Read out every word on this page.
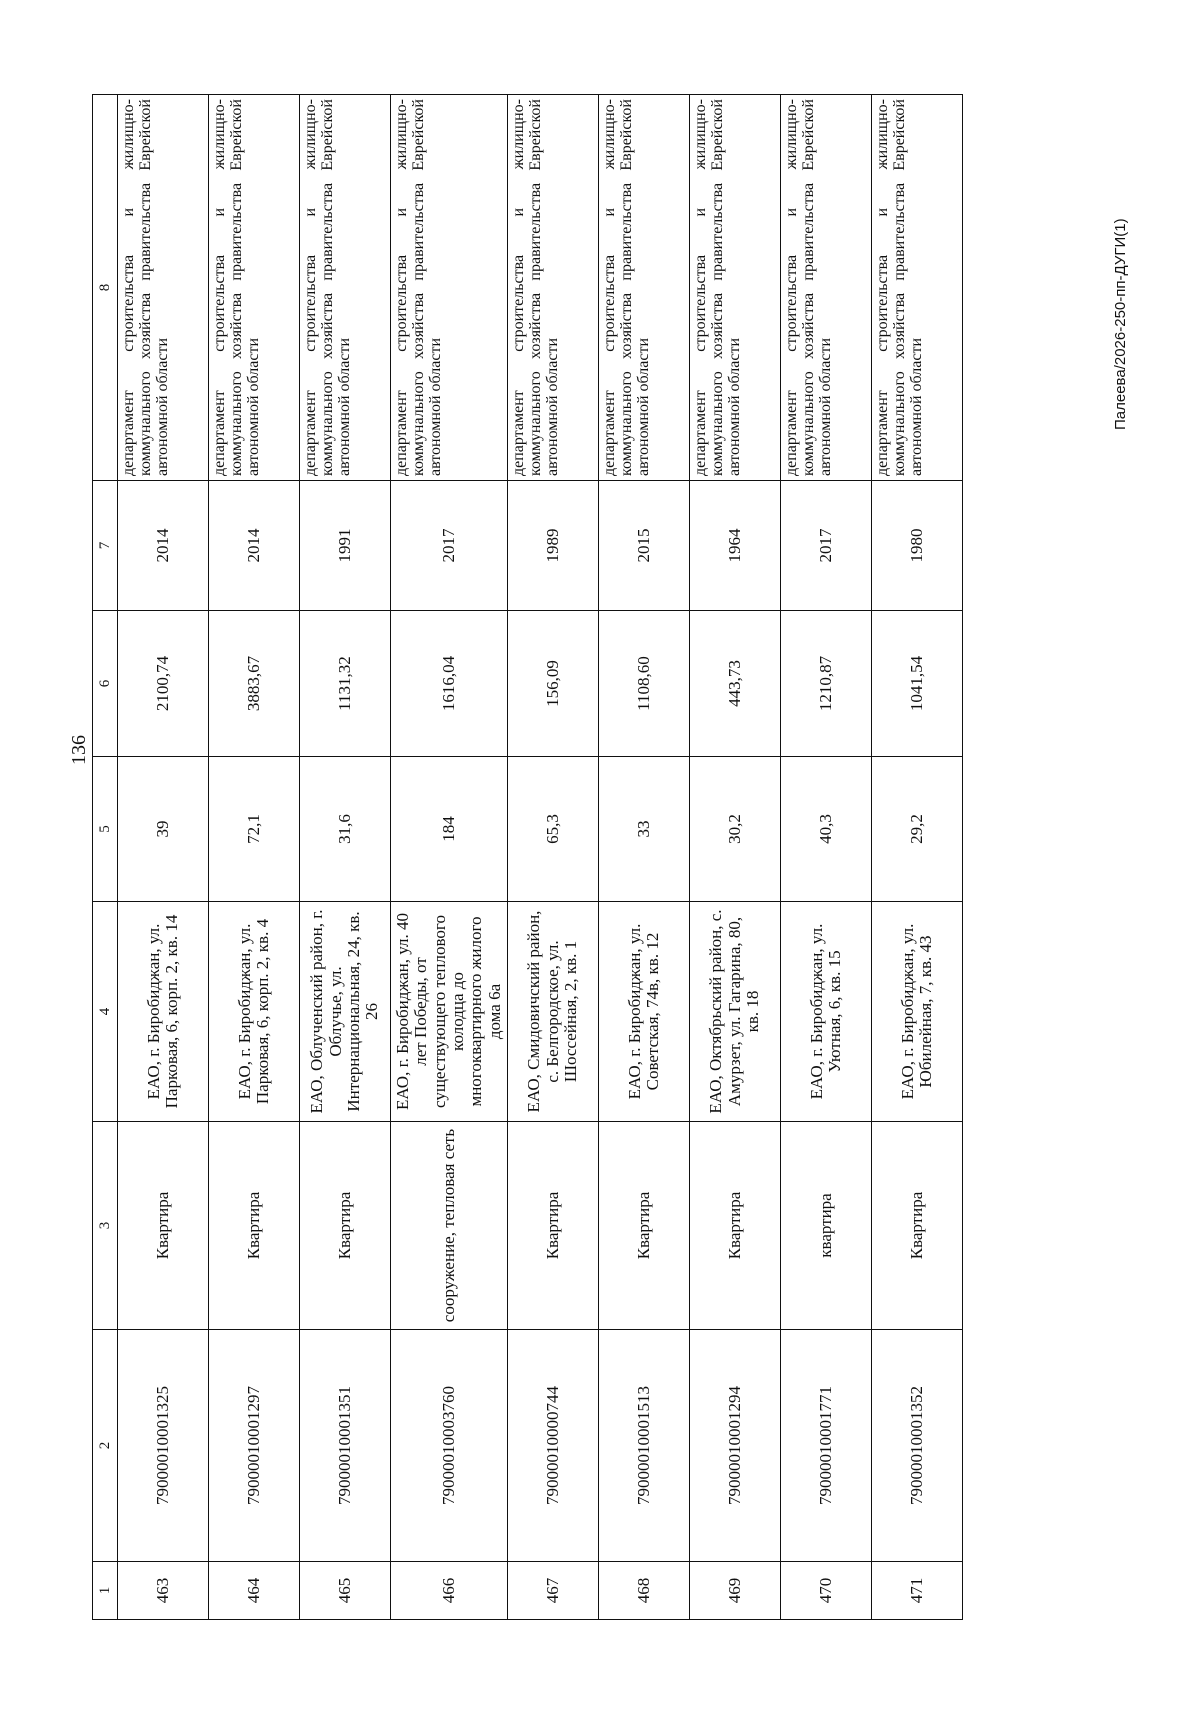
136
1	2	3	4	5	6	7	8
463	79000010001325	Квартира	ЕАО, г. Биробиджан, ул. Парковая, 6, корп. 2, кв. 14	39	2100,74	2014	департамент строительства и жилищно-коммунального хозяйства правительства Еврейской автономной области
464	79000010001297	Квартира	ЕАО, г. Биробиджан, ул. Парковая, 6, корп. 2, кв. 4	72,1	3883,67	2014	департамент строительства и жилищно-коммунального хозяйства правительства Еврейской автономной области
465	79000010001351	Квартира	ЕАО, Облученский район, г. Облучье, ул. Интернациональная, 24, кв. 26	31,6	1131,32	1991	департамент строительства и жилищно-коммунального хозяйства правительства Еврейской автономной области
466	79000010003760	сооружение, тепловая сеть	ЕАО, г. Биробиджан, ул. 40 лет Победы, от существующего теплового колодца до многоквартирного жилого дома 6а	184	1616,04	2017	департамент строительства и жилищно-коммунального хозяйства правительства Еврейской автономной области
467	79000010000744	Квартира	ЕАО, Смидовичский район, с. Белгородское, ул. Шоссейная, 2, кв. 1	65,3	156,09	1989	департамент строительства и жилищно-коммунального хозяйства правительства Еврейской автономной области
468	79000010001513	Квартира	ЕАО, г. Биробиджан, ул. Советская, 74в, кв. 12	33	1108,60	2015	департамент строительства и жилищно-коммунального хозяйства правительства Еврейской автономной области
469	79000010001294	Квартира	ЕАО, Октябрьский район, с. Амурзет, ул. Гагарина, 80, кв. 18	30,2	443,73	1964	департамент строительства и жилищно-коммунального хозяйства правительства Еврейской автономной области
470	79000010001771	квартира	ЕАО, г. Биробиджан, ул. Уютная, 6, кв. 15	40,3	1210,87	2017	департамент строительства и жилищно-коммунального хозяйства правительства Еврейской автономной области
471	79000010001352	Квартира	ЕАО, г. Биробиджан, ул. Юбилейная, 7, кв. 43	29,2	1041,54	1980	департамент строительства и жилищно-коммунального хозяйства правительства Еврейской автономной области	Палеева/2026-250-пп-ДУГИ(1)
